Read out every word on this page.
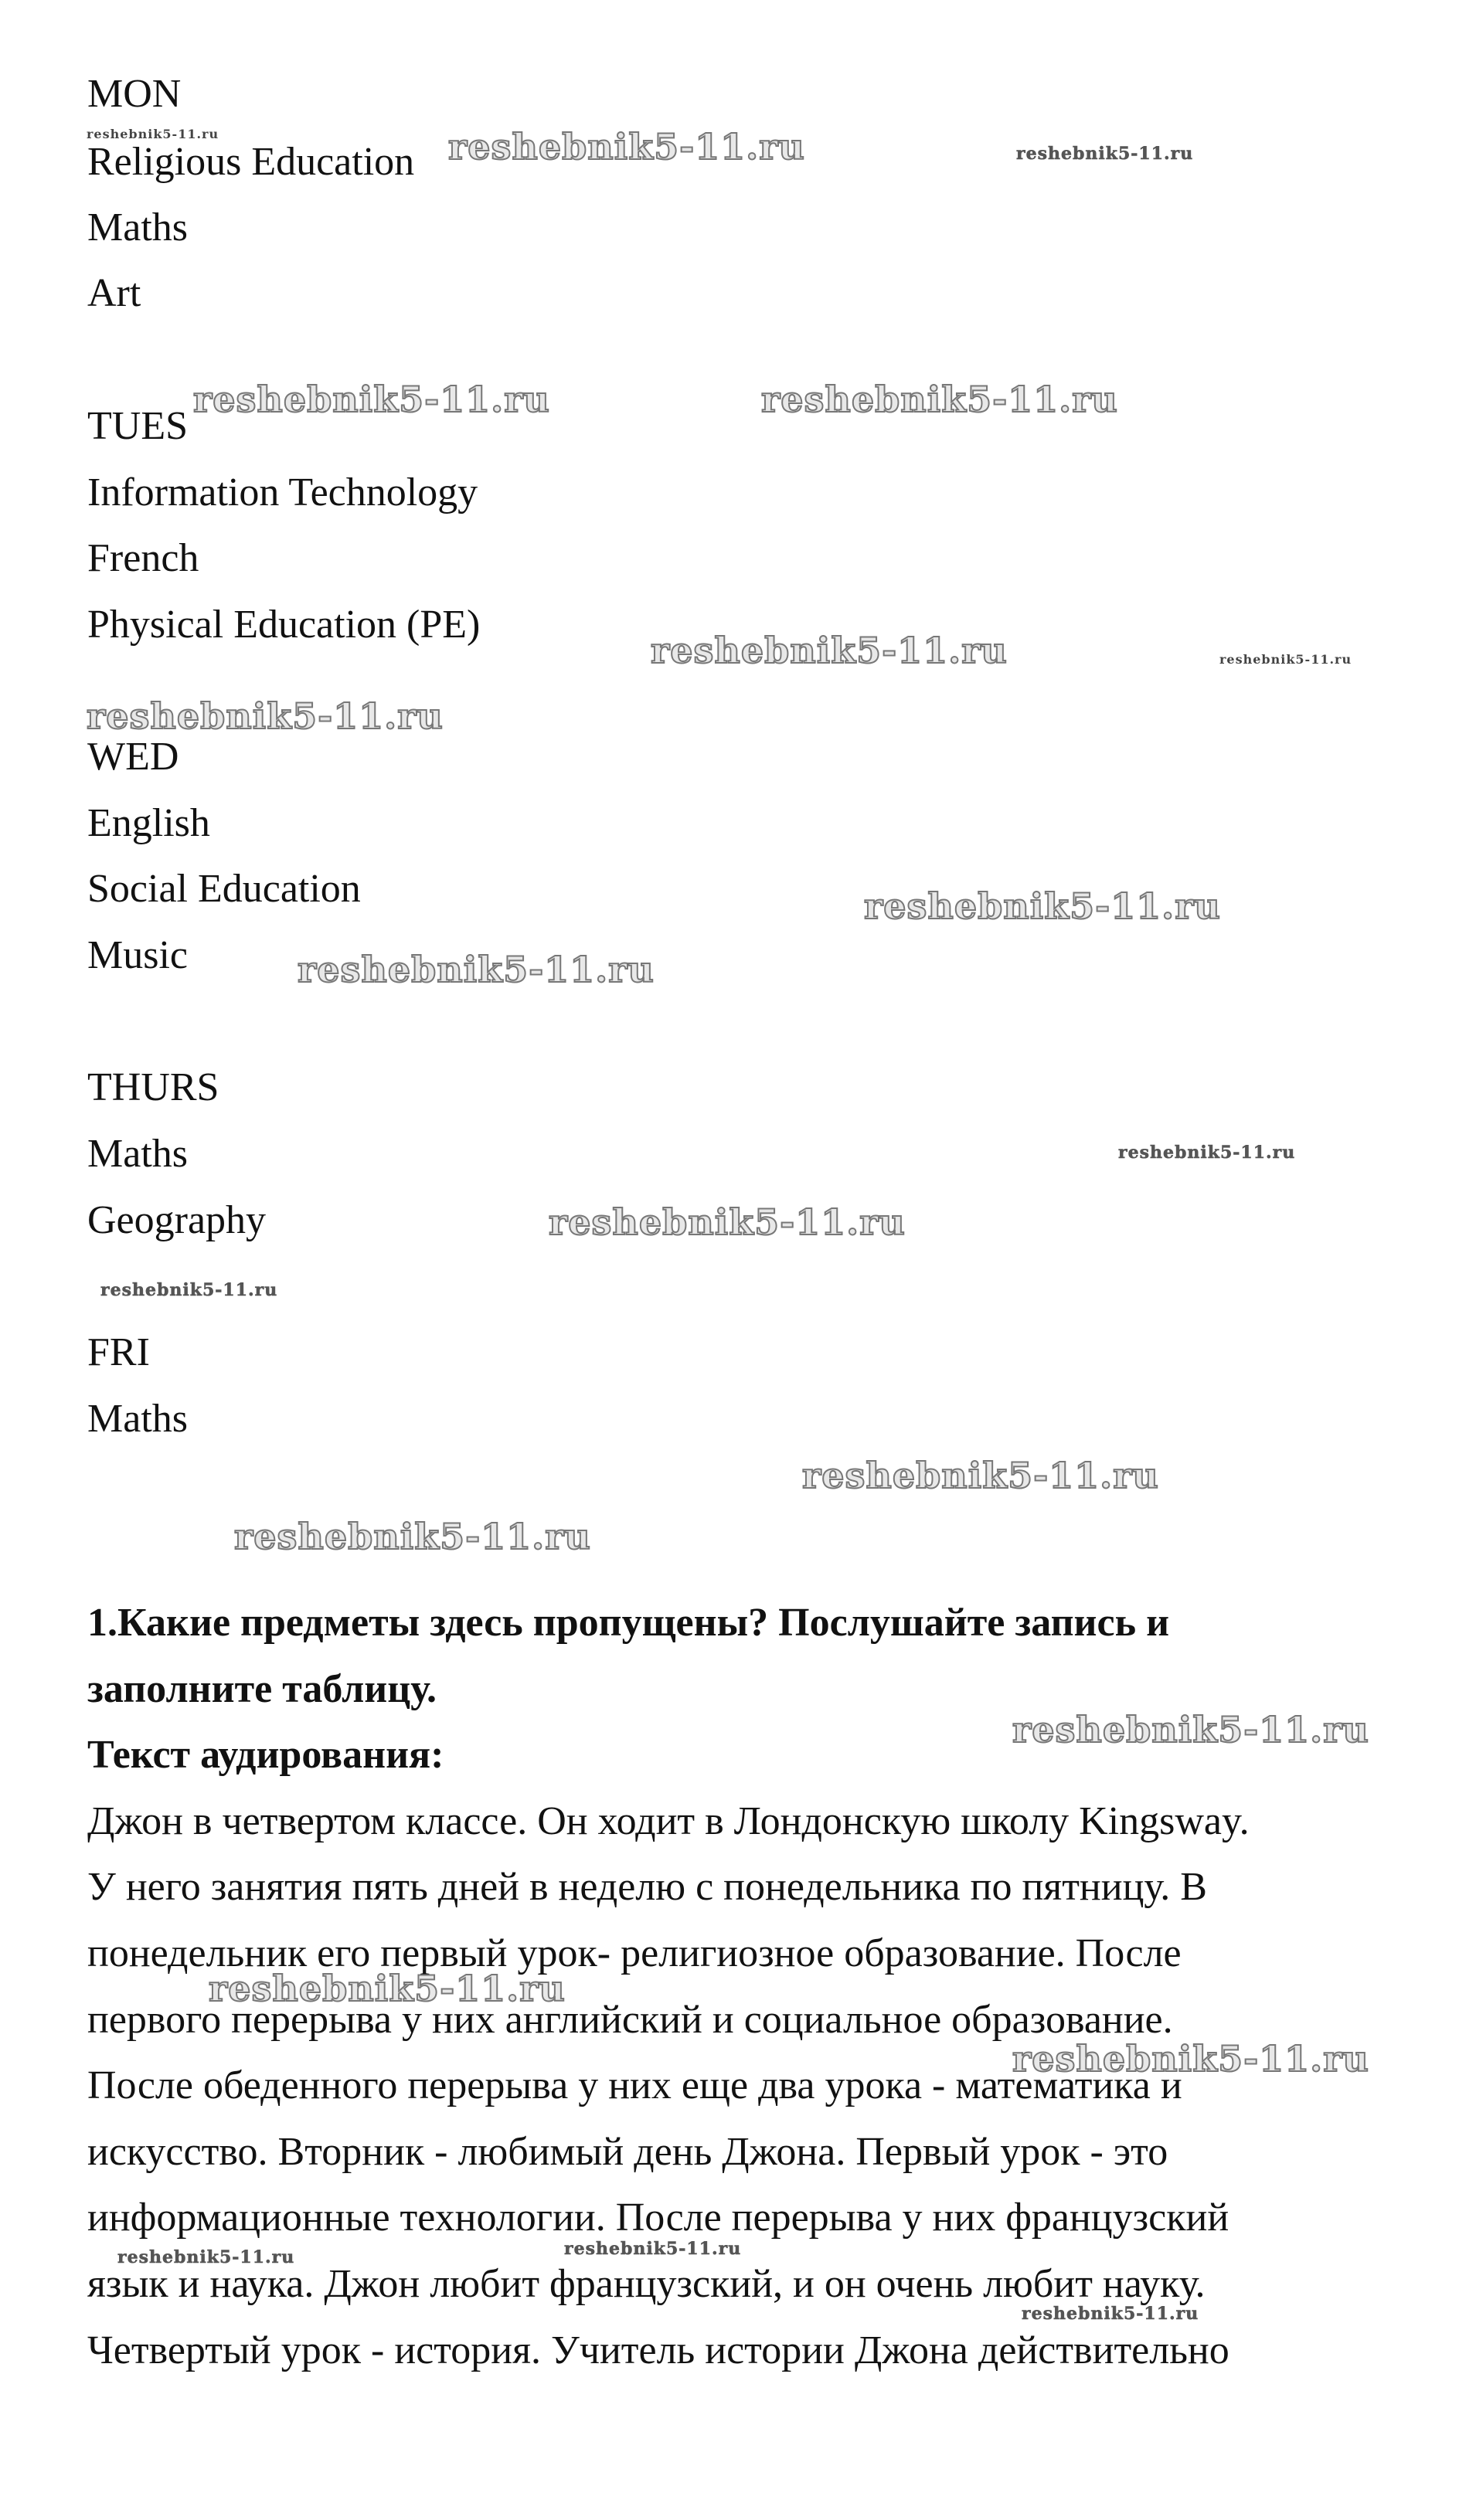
MON
Religious Education
Maths
Art
TUES
Information Technology
French
Physical Education (PE)
WED
English
Social Education
Music
THURS
Maths
Geography
FRI
Maths
1.Какие предметы здесь пропущены? Послушайте запись и
заполните таблицу.
Текст аудирования:
Джон в четвертом классе. Он ходит в Лондонскую школу Kingsway.
У него занятия пять дней в неделю с понедельника по пятницу. В
понедельник его первый урок- религиозное образование. После
первого перерыва у них английский и социальное образование.
После обеденного перерыва у них еще два урока - математика и
искусство. Вторник - любимый день Джона. Первый урок - это
информационные технологии. После перерыва у них французский
язык и наука. Джон любит французский, и он очень любит науку.
Четвертый урок - история. Учитель истории Джона действительно
reshebnik5-11.ru	reshebnik5-11.ru	reshebnik5-11.ru
reshebnik5-11.ru	reshebnik5-11.ru
reshebnik5-11.ru	reshebnik5-11.ru
reshebnik5-11.ru
reshebnik5-11.ru
reshebnik5-11.ru
reshebnik5-11.ru
reshebnik5-11.ru
reshebnik5-11.ru
reshebnik5-11.ru
reshebnik5-11.ru
reshebnik5-11.ru
reshebnik5-11.ru
reshebnik5-11.ru
reshebnik5-11.ru	reshebnik5-11.ru
reshebnik5-11.ru
